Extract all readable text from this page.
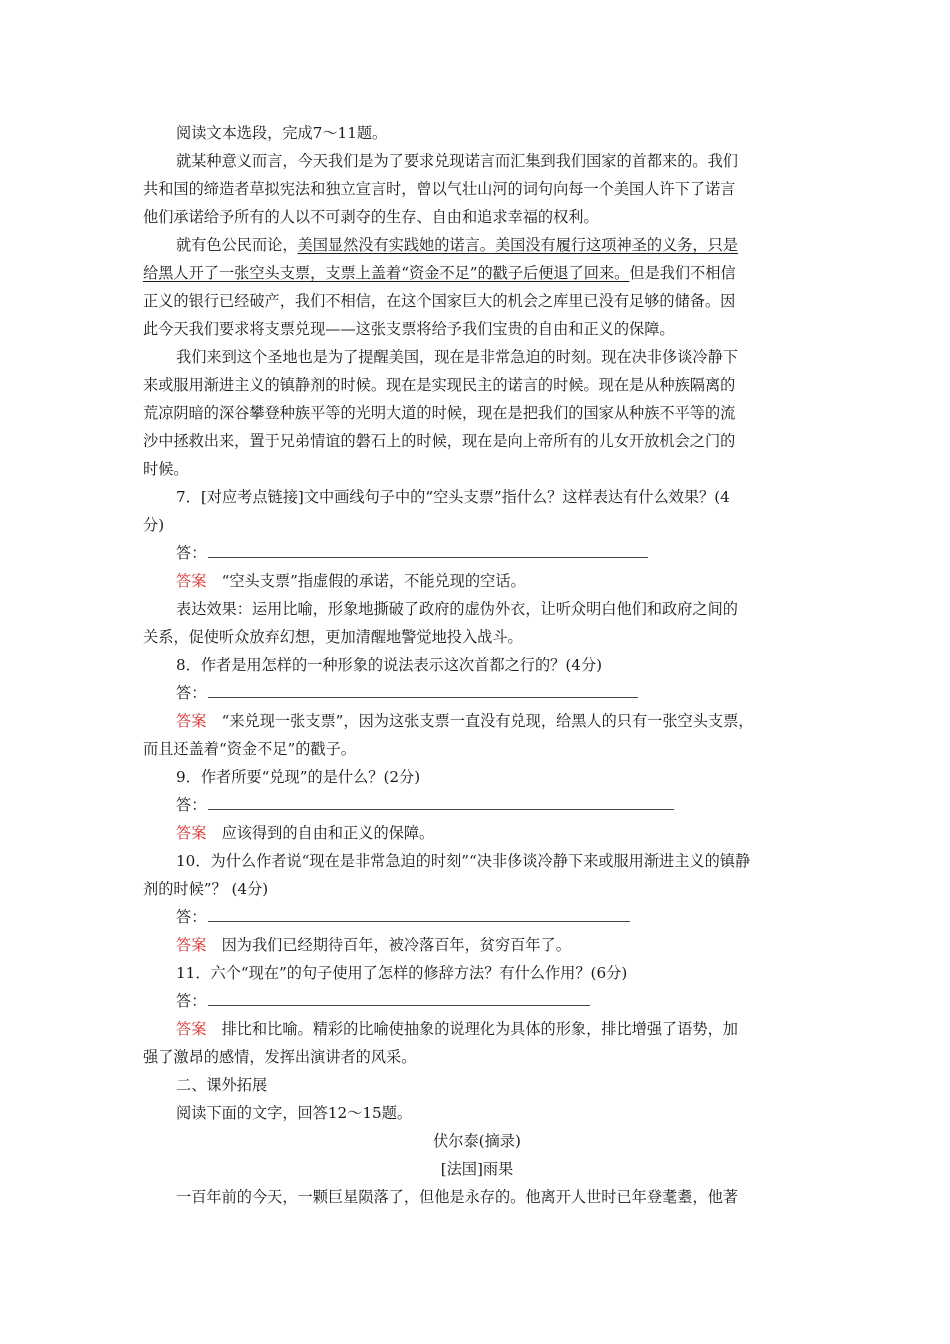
阅读文本选段，完成7～11题。
就某种意义而言，今天我们是为了要求兑现诺言而汇集到我们国家的首都来的。我们
共和国的缔造者草拟宪法和独立宣言时，曾以气壮山河的词句向每一个美国人许下了诺言
他们承诺给予所有的人以不可剥夺的生存、自由和追求幸福的权利。
就有色公民而论，美国显然没有实践她的诺言。美国没有履行这项神圣的义务，只是
给黑人开了一张空头支票，支票上盖着“资金不足”的戳子后便退了回来。但是我们不相信
正义的银行已经破产，我们不相信，在这个国家巨大的机会之库里已没有足够的储备。因
此今天我们要求将支票兑现——这张支票将给予我们宝贵的自由和正义的保障。
我们来到这个圣地也是为了提醒美国，现在是非常急迫的时刻。现在决非侈谈冷静下
来或服用渐进主义的镇静剂的时候。现在是实现民主的诺言的时候。现在是从种族隔离的
荒凉阴暗的深谷攀登种族平等的光明大道的时候，现在是把我们的国家从种族不平等的流
沙中拯救出来，置于兄弟情谊的磐石上的时候，现在是向上帝所有的儿女开放机会之门的
时候。
7．[对应考点链接]文中画线句子中的“空头支票”指什么？这样表达有什么效果？(4
分)
答：
答案　“空头支票”指虚假的承诺，不能兑现的空话。
表达效果：运用比喻，形象地撕破了政府的虚伪外衣，让听众明白他们和政府之间的
关系，促使听众放弃幻想，更加清醒地警觉地投入战斗。
8．作者是用怎样的一种形象的说法表示这次首都之行的？(4分)
答：
答案　“来兑现一张支票”，因为这张支票一直没有兑现，给黑人的只有一张空头支票，
而且还盖着“资金不足”的戳子。
9．作者所要“兑现”的是什么？(2分)
答：
答案　应该得到的自由和正义的保障。
10．为什么作者说“现在是非常急迫的时刻”“决非侈谈冷静下来或服用渐进主义的镇静
剂的时候”？ (4分)
答：
答案　因为我们已经期待百年，被冷落百年，贫穷百年了。
11．六个“现在”的句子使用了怎样的修辞方法？有什么作用？(6分)
答：
答案　排比和比喻。精彩的比喻使抽象的说理化为具体的形象，排比增强了语势，加
强了激昂的感情，发挥出演讲者的风采。
二、课外拓展
阅读下面的文字，回答12～15题。
伏尔泰(摘录)
[法国]雨果
一百年前的今天，一颗巨星陨落了，但他是永存的。他离开人世时已年登耄耋，他著
